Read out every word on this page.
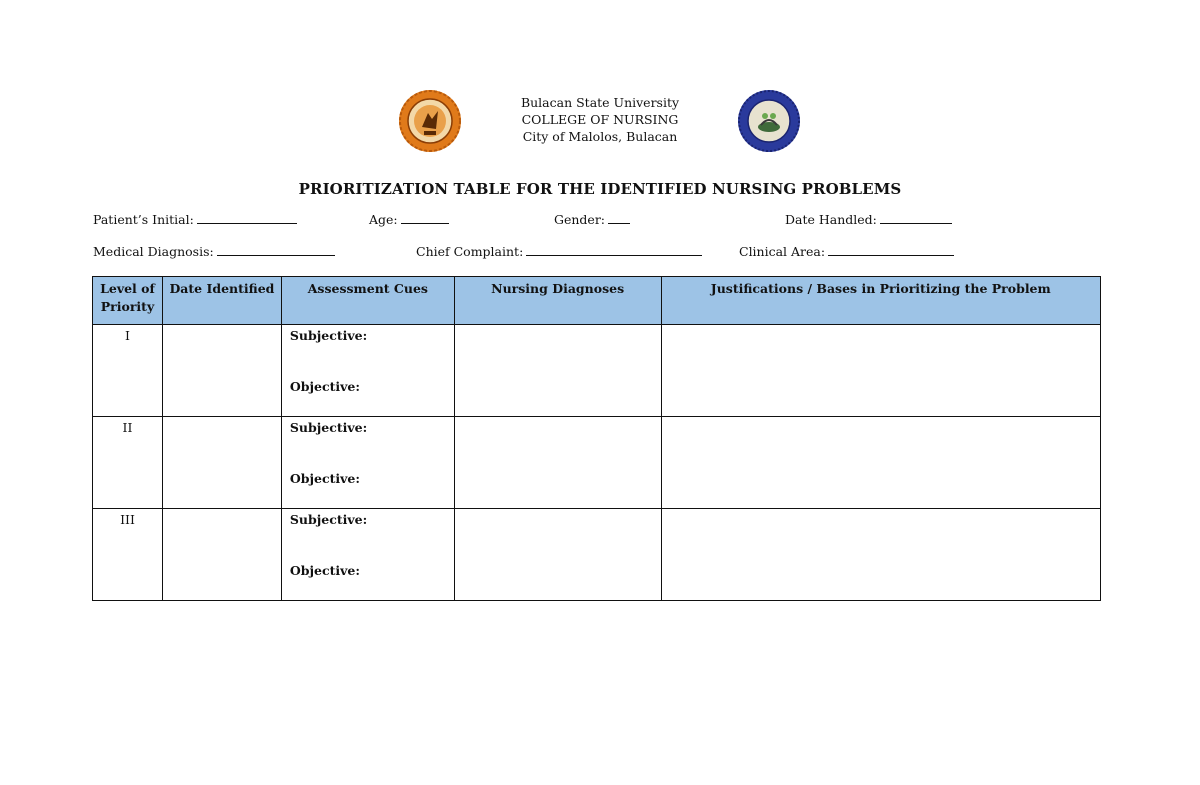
Bulacan State University
COLLEGE OF NURSING
City of Malolos, Bulacan
PRIORITIZATION TABLE FOR THE IDENTIFIED NURSING PROBLEMS
Patient’s Initial:	Age:	Gender:	Date Handled:
Medical Diagnosis:	Chief Complaint:	Clinical Area:
Level of Priority	Date Identified	Assessment Cues	Nursing Diagnoses	Justifications / Bases in Prioritizing the Problem
I		Subjective:
Objective:		

II		Subjective:
Objective:		

III		Subjective:
Objective:		
